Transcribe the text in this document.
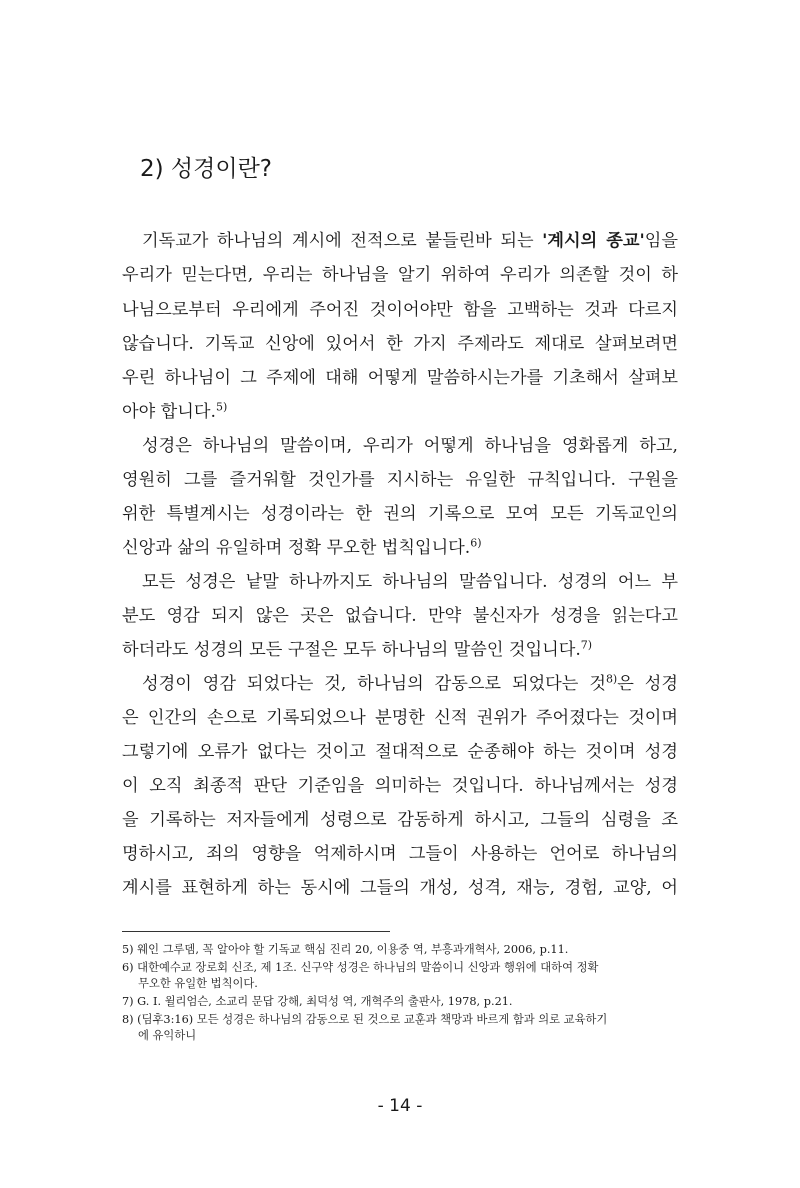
2) 성경이란?
기독교가 하나님의 계시에 전적으로 붙들린바 되는 '계시의 종교'임을
우리가 믿는다면, 우리는 하나님을 알기 위하여 우리가 의존할 것이 하
나님으로부터 우리에게 주어진 것이어야만 함을 고백하는 것과 다르지
않습니다. 기독교 신앙에 있어서 한 가지 주제라도 제대로 살펴보려면
우린 하나님이 그 주제에 대해 어떻게 말씀하시는가를 기초해서 살펴보
아야 합니다.$^{5)}$
성경은 하나님의 말씀이며, 우리가 어떻게 하나님을 영화롭게 하고,
영원히 그를 즐거워할 것인가를 지시하는 유일한 규칙입니다. 구원을
위한 특별계시는 성경이라는 한 권의 기록으로 모여 모든 기독교인의
신앙과 삶의 유일하며 정확 무오한 법칙입니다.$^{6)}$
모든 성경은 낱말 하나까지도 하나님의 말씀입니다. 성경의 어느 부
분도 영감 되지 않은 곳은 없습니다. 만약 불신자가 성경을 읽는다고
하더라도 성경의 모든 구절은 모두 하나님의 말씀인 것입니다.$^{7)}$
성경이 영감 되었다는 것, 하나님의 감동으로 되었다는 것$^{8)}$은 성경
은 인간의 손으로 기록되었으나 분명한 신적 권위가 주어졌다는 것이며
그렇기에 오류가 없다는 것이고 절대적으로 순종해야 하는 것이며 성경
이 오직 최종적 판단 기준임을 의미하는 것입니다. 하나님께서는 성경
을 기록하는 저자들에게 성령으로 감동하게 하시고, 그들의 심령을 조
명하시고, 죄의 영향을 억제하시며 그들이 사용하는 언어로 하나님의
계시를 표현하게 하는 동시에 그들의 개성, 성격, 재능, 경험, 교양, 어
5) 웨인 그루뎀, 꼭 알아야 할 기독교 핵심 진리 20, 이용중 역, 부흥과개혁사, 2006, p.11.
6) 대한예수교 장로회 신조, 제 1조. 신구약 성경은 하나님의 말씀이니 신앙과 행위에 대하여 정확
무오한 유일한 법칙이다.
7) G. I. 윌리엄슨, 소교리 문답 강해, 최덕성 역, 개혁주의 출판사, 1978, p.21.
8) (딤후3:16) 모든 성경은 하나님의 감동으로 된 것으로 교훈과 책망과 바르게 함과 의로 교육하기
에 유익하니
- 14 -
